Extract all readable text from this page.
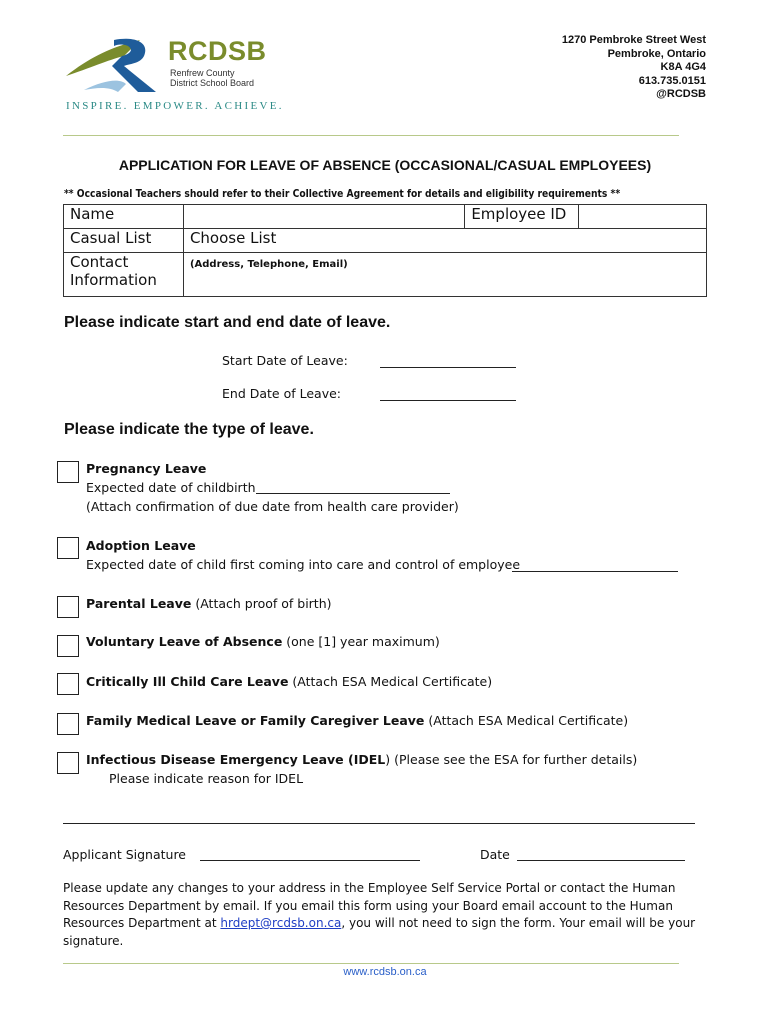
RCDSB
Renfrew County
District School Board
INSPIRE. EMPOWER. ACHIEVE.
1270 Pembroke Street West
Pembroke, Ontario
K8A 4G4
613.735.0151
@RCDSB
APPLICATION FOR LEAVE OF ABSENCE (OCCASIONAL/CASUAL EMPLOYEES)
** Occasional Teachers should refer to their Collective Agreement for details and eligibility requirements **
Name		Employee ID	
Casual List	Choose List		

Contact
Information	(Address, Telephone, Email)		
Please indicate start and end date of leave.
Start Date of Leave:
End Date of Leave:
Please indicate the type of leave.
Pregnancy Leave
Expected date of childbirth
(Attach confirmation of due date from health care provider)
Adoption Leave
Expected date of child first coming into care and control of employee
Parental Leave (Attach proof of birth)
Voluntary Leave of Absence (one [1] year maximum)
Critically Ill Child Care Leave (Attach ESA Medical Certificate)
Family Medical Leave or Family Caregiver Leave (Attach ESA Medical Certificate)
Infectious Disease Emergency Leave (IDEL) (Please see the ESA for further details)
Please indicate reason for IDEL
Applicant Signature	Date
Please update any changes to your address in the Employee Self Service Portal or contact the Human Resources Department by email. If you email this form using your Board email account to the Human Resources Department at hrdept@rcdsb.on.ca, you will not need to sign the form. Your email will be your signature.
www.rcdsb.on.ca
